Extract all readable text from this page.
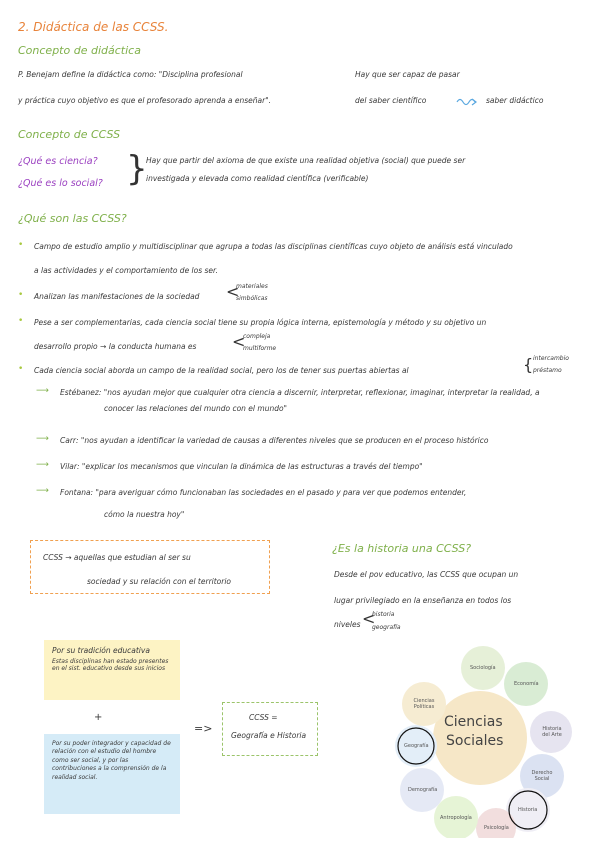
2. Didáctica de las CCSS.
Concepto de didáctica
P. Benejam define la didáctica como: "Disciplina profesional
y práctica cuyo objetivo es que el profesorado aprenda a enseñar".
Hay que ser capaz de pasar
del saber científico	saber didáctico
Concepto de CCSS
¿Qué es ciencia?
¿Qué es lo social? }
Hay que partir del axioma de que existe una realidad objetiva (social) que puede ser
investigada y elevada como realidad científica (verificable)
¿Qué son las CCSS?
• Campo de estudio amplio y multidisciplinar que agrupa a todas las disciplinas científicas cuyo objeto de análisis está vinculado
a las actividades y el comportamiento de los ser.
• Analizan las manifestaciones de la sociedad <
materiales
simbólicas
• Pese a ser complementarias, cada ciencia social tiene su propia lógica interna, epistemología y método y su objetivo un
desarrollo propio → la conducta humana es <
compleja
multiforme
• Cada ciencia social aborda un campo de la realidad social, pero los de tener sus puertas abiertas al	{ intercambio
préstamo
⟶ Estébanez: "nos ayudan mejor que cualquier otra ciencia a discernir, interpretar, reflexionar, imaginar, interpretar la realidad, a
conocer las relaciones del mundo con el mundo"
⟶ Carr: "nos ayudan a identificar la variedad de causas a diferentes niveles que se producen en el proceso histórico
⟶ Vilar: "explicar los mecanismos que vinculan la dinámica de las estructuras a través del tiempo"
⟶ Fontana: "para averiguar cómo funcionaban las sociedades en el pasado y para ver que podemos entender,
cómo la nuestra hoy"
CCSS → aquellas que estudian al ser su
sociedad y su relación con el territorio
¿Es la historia una CCSS?
Desde el pov educativo, las CCSS que ocupan un
lugar privilegiado en la enseñanza en todos los
niveles <
historia
geografía
Por su tradición educativa
Estas disciplinas han estado presentes en el sist. educativo desde sus inicios
+
Por su poder integrador y capacidad de relación con el estudio del hombre como ser social, y por las contribuciones a la comprensión de la realidad social.
=>
CCSS =
Geografía e Historia
Ciencias
Sociales
Sociología
Economía
Historia del Arte
Derecho Social
Historia
Psicología
Antropología
Demografía
Geografía
Ciencias Políticas
